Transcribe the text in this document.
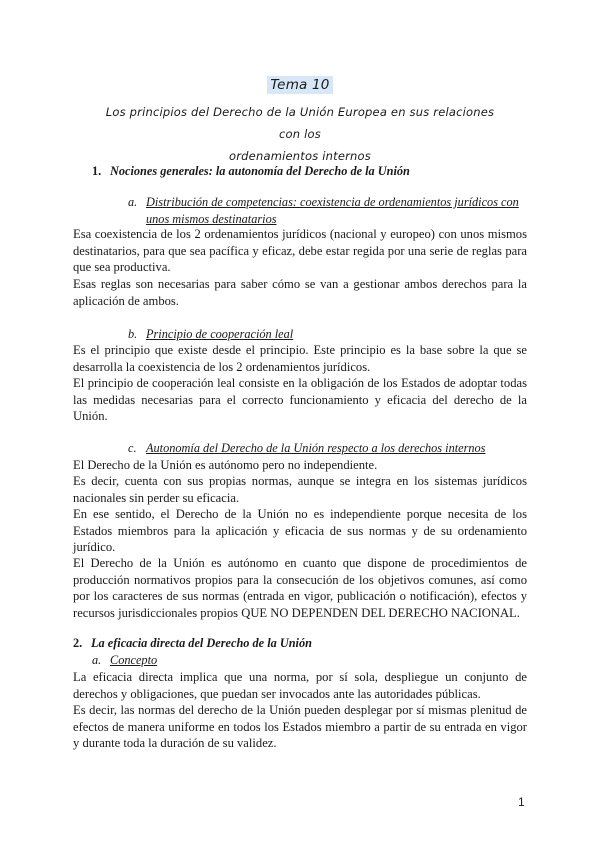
Tema 10
Los principios del Derecho de la Unión Europea en sus relaciones con los
ordenamientos internos
1. Nociones generales: la autonomía del Derecho de la Unión
a. Distribución de competencias: coexistencia de ordenamientos jurídicos con
unos mismos destinatarios
Esa coexistencia de los 2 ordenamientos jurídicos (nacional y europeo) con unos mismos destinatarios, para que sea pacífica y eficaz, debe estar regida por una serie de reglas para que sea productiva.
Esas reglas son necesarias para saber cómo se van a gestionar ambos derechos para la aplicación de ambos.
b. Principio de cooperación leal
Es el principio que existe desde el principio. Este principio es la base sobre la que se desarrolla la coexistencia de los 2 ordenamientos jurídicos.
El principio de cooperación leal consiste en la obligación de los Estados de adoptar todas las medidas necesarias para el correcto funcionamiento y eficacia del derecho de la Unión.
c. Autonomía del Derecho de la Unión respecto a los derechos internos
El Derecho de la Unión es autónomo pero no independiente.
Es decir, cuenta con sus propias normas, aunque se integra en los sistemas jurídicos nacionales sin perder su eficacia.
En ese sentido, el Derecho de la Unión no es independiente porque necesita de los Estados miembros para la aplicación y eficacia de sus normas y de su ordenamiento jurídico.
El Derecho de la Unión es autónomo en cuanto que dispone de procedimientos de producción normativos propios para la consecución de los objetivos comunes, así como por los caracteres de sus normas (entrada en vigor, publicación o notificación), efectos y recursos jurisdiccionales propios QUE NO DEPENDEN DEL DERECHO NACIONAL.
2. La eficacia directa del Derecho de la Unión
a. Concepto
La eficacia directa implica que una norma, por sí sola, despliegue un conjunto de derechos y obligaciones, que puedan ser invocados ante las autoridades públicas.
Es decir, las normas del derecho de la Unión pueden desplegar por sí mismas plenitud de efectos de manera uniforme en todos los Estados miembro a partir de su entrada en vigor y durante toda la duración de su validez.
1
